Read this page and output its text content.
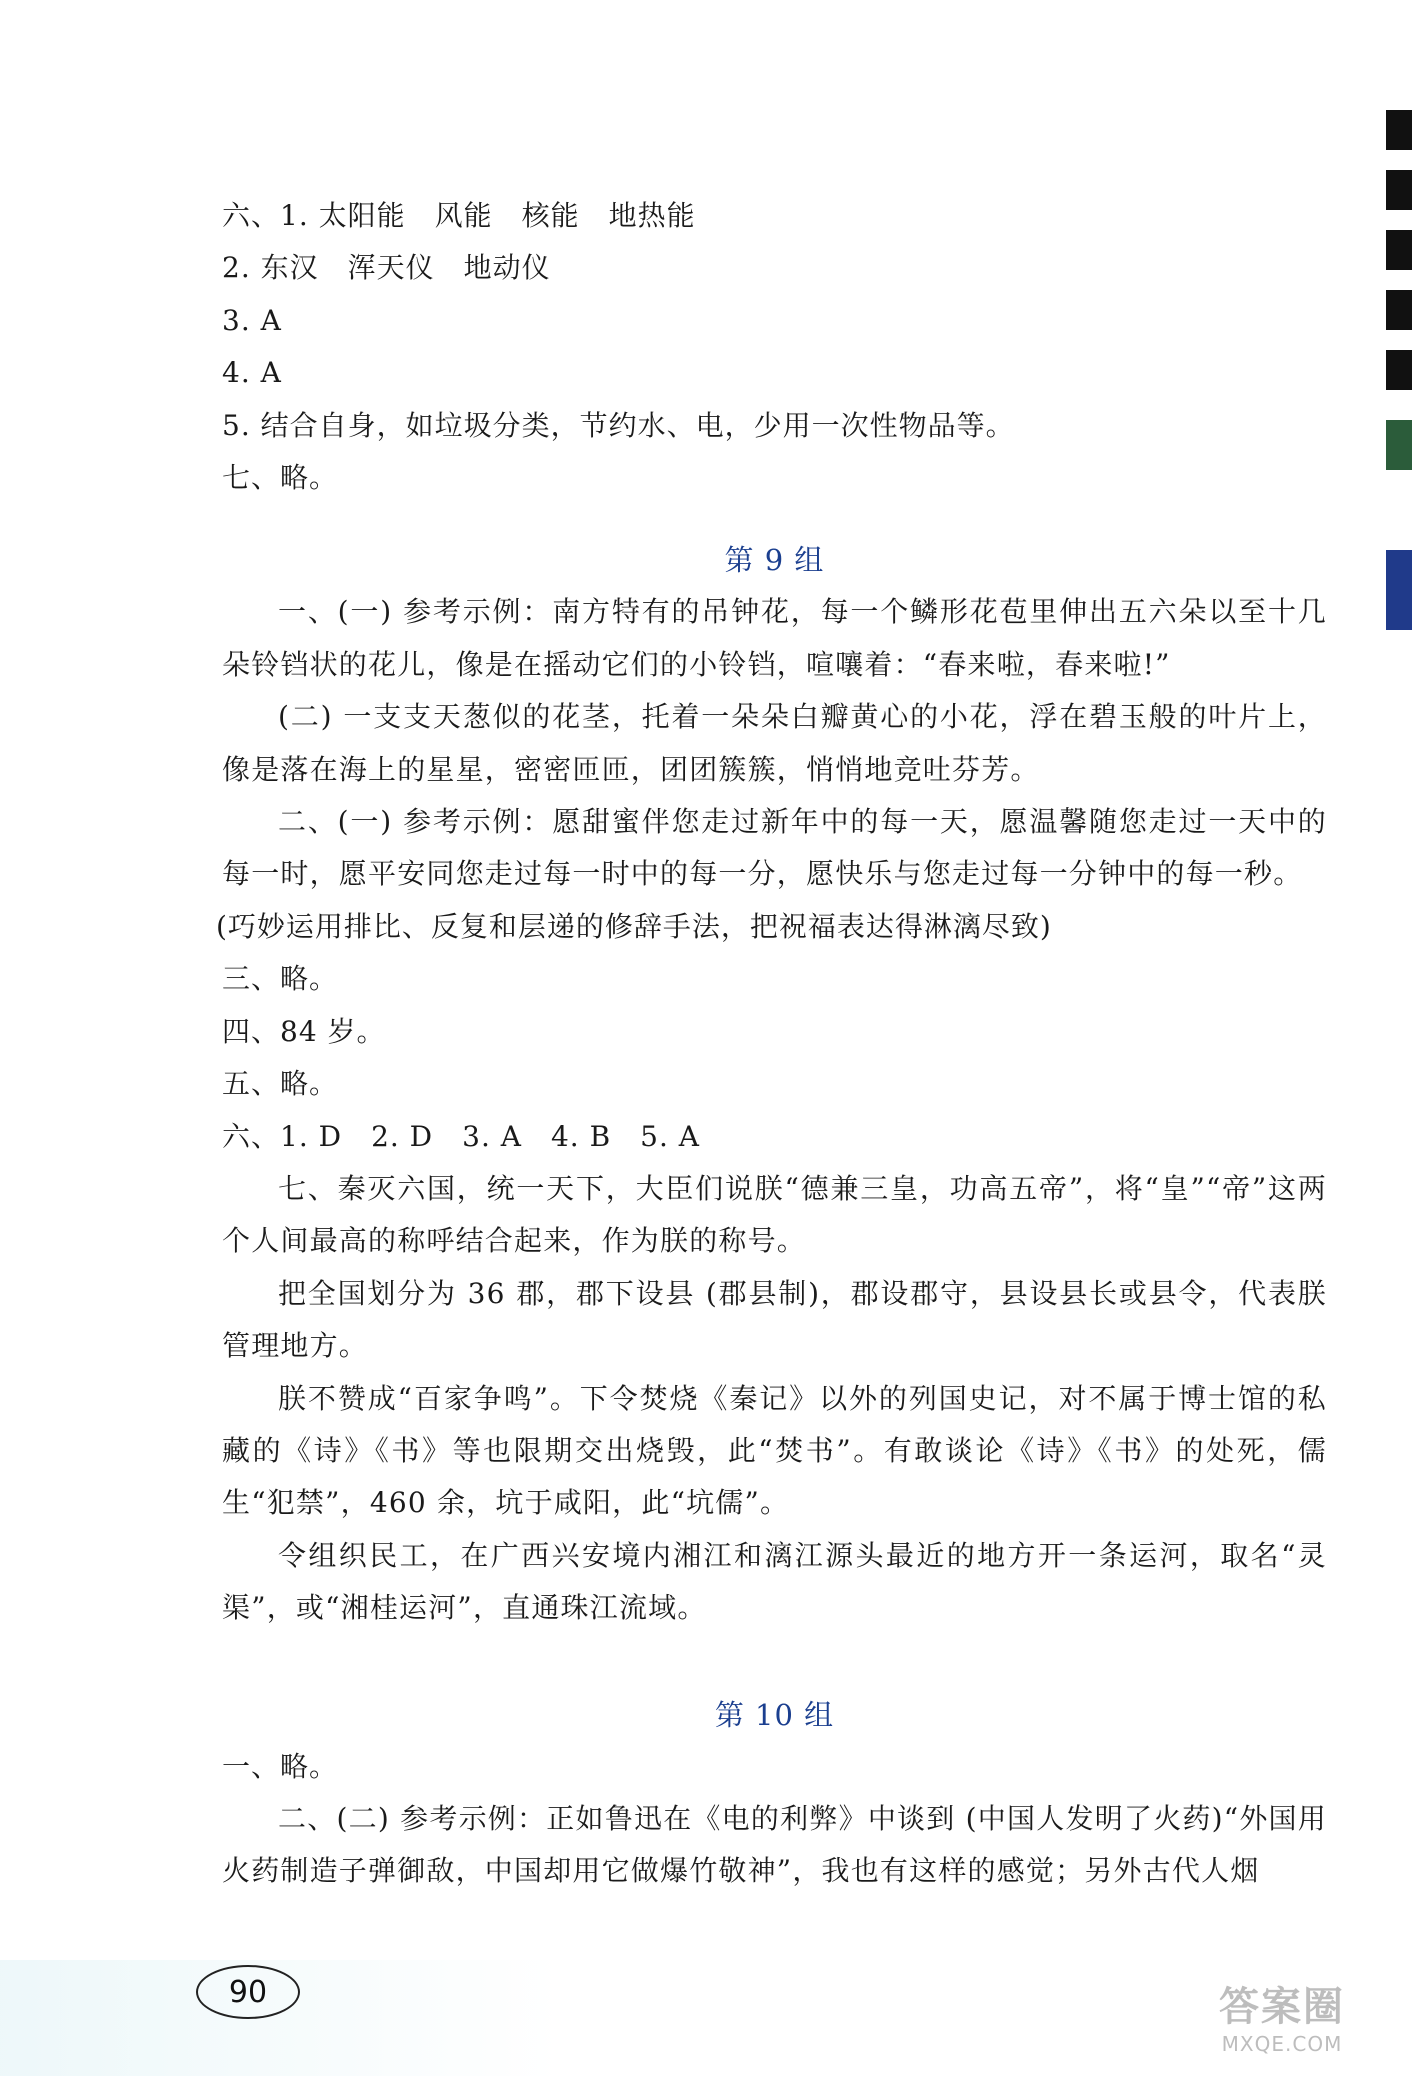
六、1. 太阳能　风能　核能　地热能
2. 东汉　浑天仪　地动仪
3. A
4. A
5. 结合自身，如垃圾分类，节约水、电，少用一次性物品等。
七、略。
第 9 组
一、(一) 参考示例：南方特有的吊钟花，每一个鳞形花苞里伸出五六朵以至十几朵铃铛状的花儿，像是在摇动它们的小铃铛，喧嚷着：“春来啦，春来啦!”
(二) 一支支天葱似的花茎，托着一朵朵白瓣黄心的小花，浮在碧玉般的叶片上，像是落在海上的星星，密密匝匝，团团簇簇，悄悄地竞吐芬芳。
二、(一) 参考示例：愿甜蜜伴您走过新年中的每一天，愿温馨随您走过一天中的每一时，愿平安同您走过每一时中的每一分，愿快乐与您走过每一分钟中的每一秒。
(巧妙运用排比、反复和层递的修辞手法，把祝福表达得淋漓尽致)
三、略。
四、84 岁。
五、略。
六、1. D　2. D　3. A　4. B　5. A
七、秦灭六国，统一天下，大臣们说朕“德兼三皇，功高五帝”，将“皇”“帝”这两个人间最高的称呼结合起来，作为朕的称号。
把全国划分为 36 郡，郡下设县 (郡县制)，郡设郡守，县设县长或县令，代表朕管理地方。
朕不赞成“百家争鸣”。下令焚烧《秦记》以外的列国史记，对不属于博士馆的私藏的《诗》《书》等也限期交出烧毁，此“焚书”。有敢谈论《诗》《书》的处死，儒生“犯禁”，460 余，坑于咸阳，此“坑儒”。
令组织民工，在广西兴安境内湘江和漓江源头最近的地方开一条运河，取名“灵渠”，或“湘桂运河”，直通珠江流域。
第 10 组
一、略。
二、(二) 参考示例：正如鲁迅在《电的利弊》中谈到 (中国人发明了火药)“外国用火药制造子弹御敌，中国却用它做爆竹敬神”，我也有这样的感觉；另外古代人烟
90	答案圈
MXQE.COM
